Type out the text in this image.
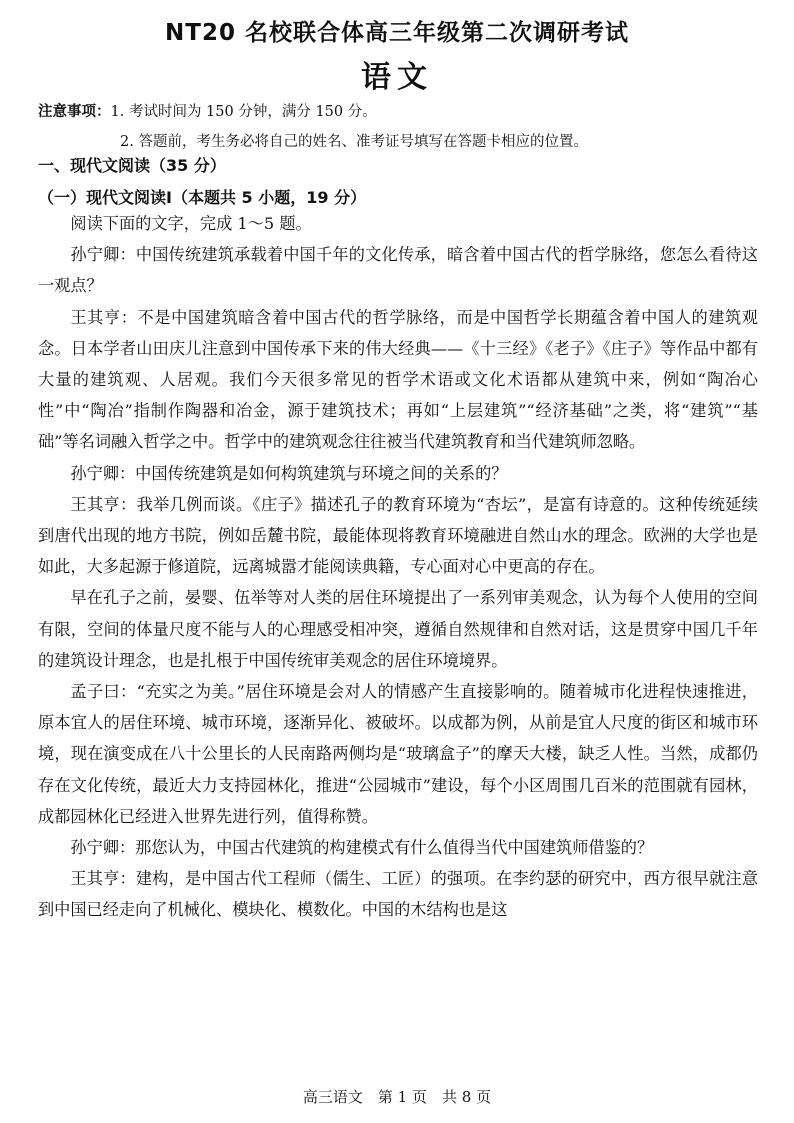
NT20 名校联合体高三年级第二次调研考试
语文
注意事项：1. 考试时间为 150 分钟，满分 150 分。
2. 答题前，考生务必将自己的姓名、准考证号填写在答题卡相应的位置。
一、现代文阅读（35 分）
（一）现代文阅读Ⅰ（本题共 5 小题，19 分）

阅读下面的文字，完成 1～5 题。

孙宁卿：中国传统建筑承载着中国千年的文化传承，暗含着中国古代的哲学脉络，您怎么看待这一观点？

王其亨：不是中国建筑暗含着中国古代的哲学脉络，而是中国哲学长期蕴含着中国人的建筑观念。日本学者山田庆儿注意到中国传承下来的伟大经典——《十三经》《老子》《庄子》等作品中都有大量的建筑观、人居观。我们今天很多常见的哲学术语或文化术语都从建筑中来，例如“陶冶心性”中“陶冶”指制作陶器和冶金，源于建筑技术；再如“上层建筑”“经济基础”之类，将“建筑”“基础”等名词融入哲学之中。哲学中的建筑观念往往被当代建筑教育和当代建筑师忽略。

孙宁卿：中国传统建筑是如何构筑建筑与环境之间的关系的？

王其亨：我举几例而谈。《庄子》描述孔子的教育环境为“杏坛”，是富有诗意的。这种传统延续到唐代出现的地方书院，例如岳麓书院，最能体现将教育环境融进自然山水的理念。欧洲的大学也是如此，大多起源于修道院，远离城嚣才能阅读典籍，专心面对心中更高的存在。

早在孔子之前，晏婴、伍举等对人类的居住环境提出了一系列审美观念，认为每个人使用的空间有限，空间的体量尺度不能与人的心理感受相冲突，遵循自然规律和自然对话，这是贯穿中国几千年的建筑设计理念，也是扎根于中国传统审美观念的居住环境境界。

孟子曰：“充实之为美。”居住环境是会对人的情感产生直接影响的。随着城市化进程快速推进，原本宜人的居住环境、城市环境，逐渐异化、被破坏。以成都为例，从前是宜人尺度的街区和城市环境，现在演变成在八十公里长的人民南路两侧均是“玻璃盒子”的摩天大楼，缺乏人性。当然，成都仍存在文化传统，最近大力支持园林化，推进“公园城市”建设，每个小区周围几百米的范围就有园林，成都园林化已经进入世界先进行列，值得称赞。

孙宁卿：那您认为，中国古代建筑的构建模式有什么值得当代中国建筑师借鉴的？

王其亨：建构，是中国古代工程师（儒生、工匠）的强项。在李约瑟的研究中，西方很早就注意到中国已经走向了机械化、模块化、模数化。中国的木结构也是这

高三语文　第 1 页　共 8 页
